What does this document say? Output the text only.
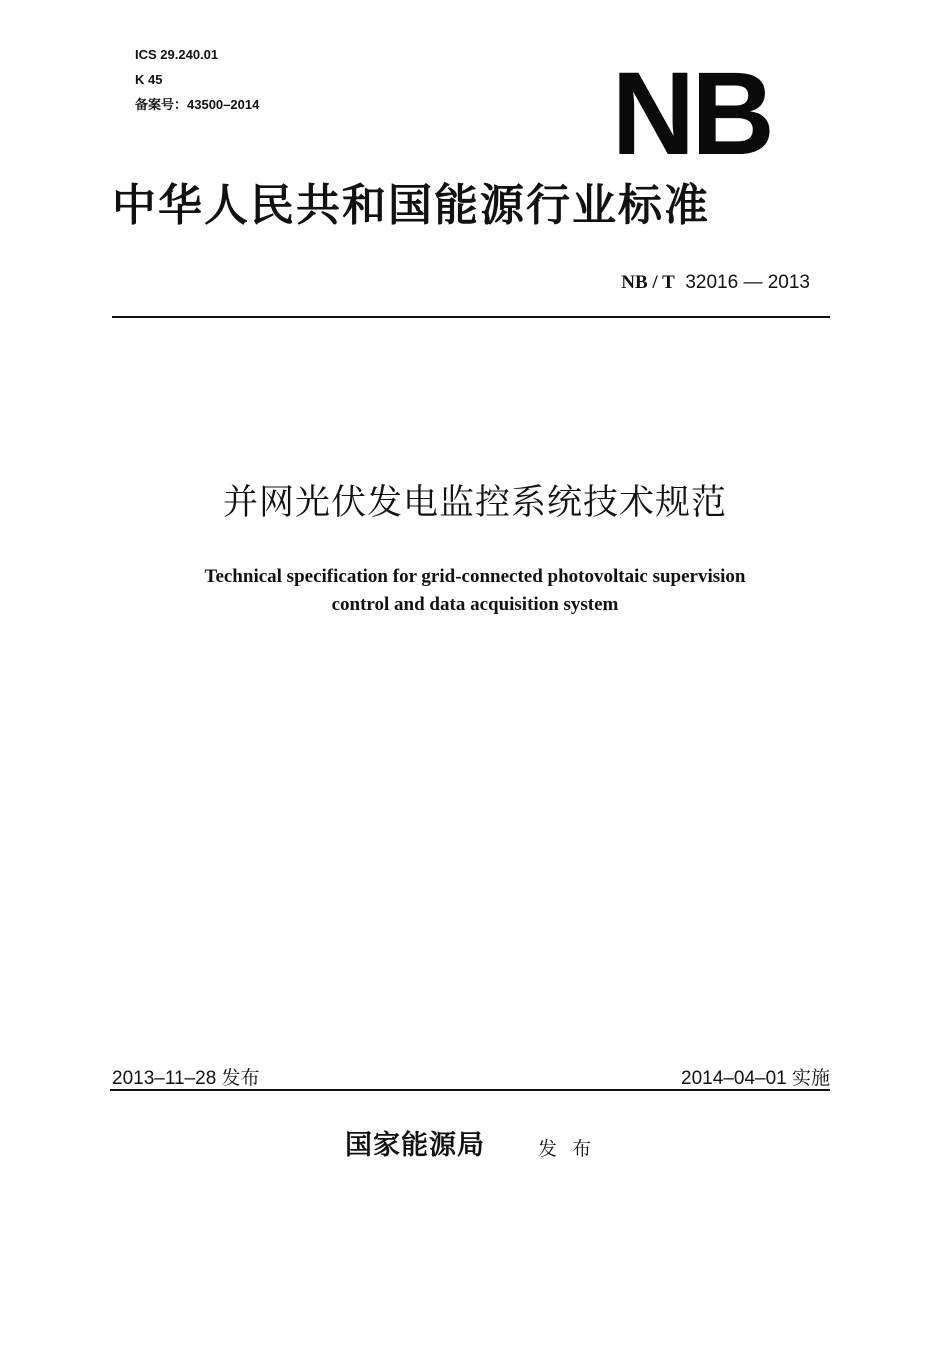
ICS 29.240.01
K 45
备案号：43500–2014	NB
中华人民共和国能源行业标准
NB / T 32016 — 2013
并网光伏发电监控系统技术规范
Technical specification for grid-connected photovoltaic supervision
control and data acquisition system
2013–11–28 发布	2014–04–01 实施
国家能源局	发布
